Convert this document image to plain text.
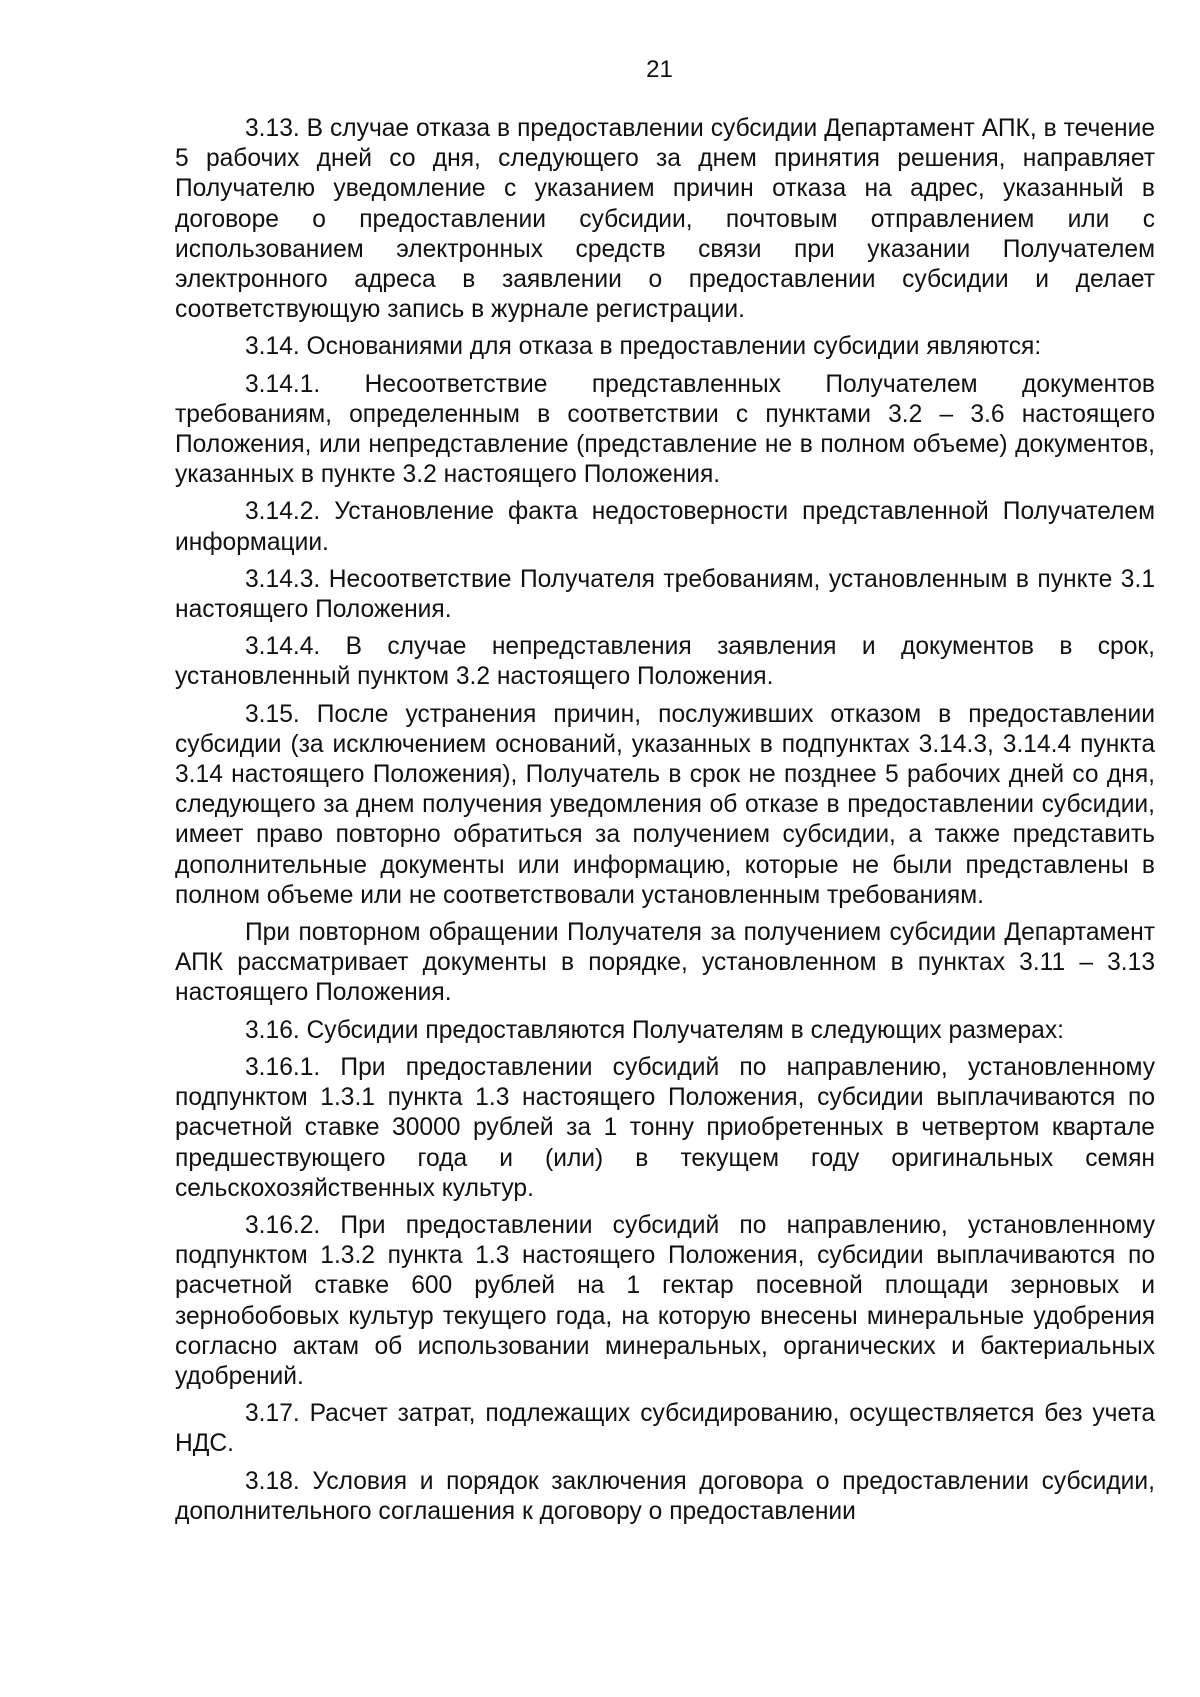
21

3.13. В случае отказа в предоставлении субсидии Департамент АПК, в течение 5 рабочих дней со дня, следующего за днем принятия решения, направляет Получателю уведомление с указанием причин отказа на адрес, указанный в договоре о предоставлении субсидии, почтовым отправлением или с использованием электронных средств связи при указании Получателем электронного адреса в заявлении о предоставлении субсидии и делает соответствующую запись в журнале регистрации.

3.14. Основаниями для отказа в предоставлении субсидии являются:

3.14.1. Несоответствие представленных Получателем документов требованиям, определенным в соответствии с пунктами 3.2 – 3.6 настоящего Положения, или непредставление (представление не в полном объеме) документов, указанных в пункте 3.2 настоящего Положения.

3.14.2. Установление факта недостоверности представленной Получателем информации.

3.14.3. Несоответствие Получателя требованиям, установленным в пункте 3.1 настоящего Положения.

3.14.4. В случае непредставления заявления и документов в срок, установленный пунктом 3.2 настоящего Положения.

3.15. После устранения причин, послуживших отказом в предоставлении субсидии (за исключением оснований, указанных в подпунктах 3.14.3, 3.14.4 пункта 3.14 настоящего Положения), Получатель в срок не позднее 5 рабочих дней со дня, следующего за днем получения уведомления об отказе в предоставлении субсидии, имеет право повторно обратиться за получением субсидии, а также представить дополнительные документы или информацию, которые не были представлены в полном объеме или не соответствовали установленным требованиям.

При повторном обращении Получателя за получением субсидии Департамент АПК рассматривает документы в порядке, установленном в пунктах 3.11 – 3.13 настоящего Положения.

3.16. Субсидии предоставляются Получателям в следующих размерах:

3.16.1. При предоставлении субсидий по направлению, установленному подпунктом 1.3.1 пункта 1.3 настоящего Положения, субсидии выплачиваются по расчетной ставке 30000 рублей за 1 тонну приобретенных в четвертом квартале предшествующего года и (или) в текущем году оригинальных семян сельскохозяйственных культур.

3.16.2. При предоставлении субсидий по направлению, установленному подпунктом 1.3.2 пункта 1.3 настоящего Положения, субсидии выплачиваются по расчетной ставке 600 рублей на 1 гектар посевной площади зерновых и зернобобовых культур текущего года, на которую внесены минеральные удобрения согласно актам об использовании минеральных, органических и бактериальных удобрений.

3.17. Расчет затрат, подлежащих субсидированию, осуществляется без учета НДС.

3.18. Условия и порядок заключения договора о предоставлении субсидии, дополнительного соглашения к договору о предоставлении
